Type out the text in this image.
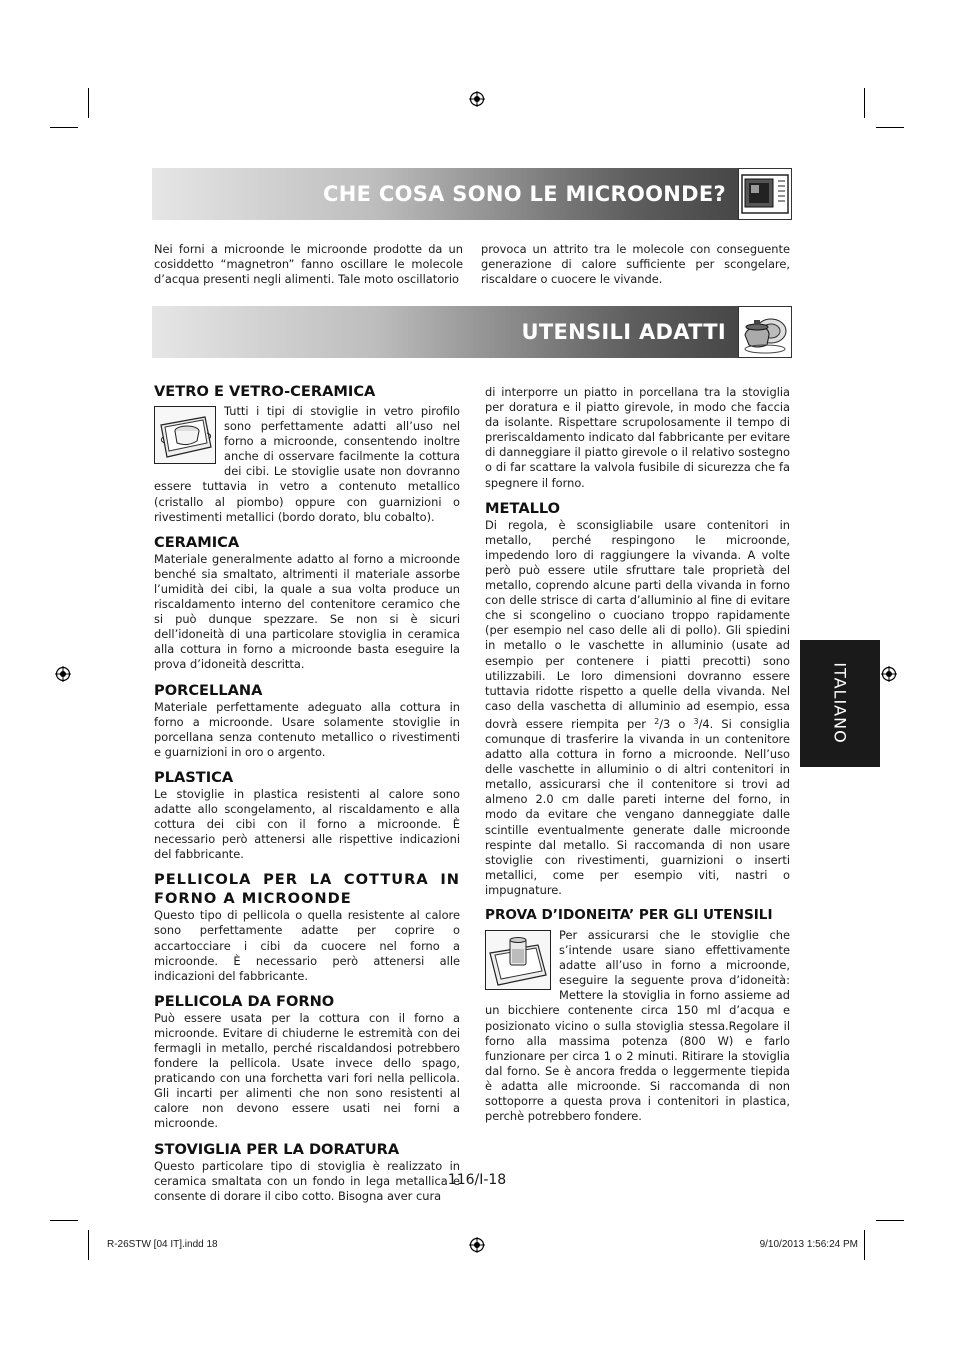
CHE COSA SONO LE MICROONDE?

Nei forni a microonde le microonde prodotte da un cosiddetto “magnetron” fanno oscillare le molecole d’acqua presenti negli alimenti. Tale moto oscillatorio

provoca un attrito tra le molecole con conseguente generazione di calore sufficiente per scongelare, riscaldare o cuocere le vivande.

UTENSILI ADATTI
VETRO E VETRO-CERAMICA

Tutti i tipi di stoviglie in vetro pirofilo sono perfettamente adatti all’uso nel forno a microonde, consentendo inoltre anche di osservare facilmente la cottura dei cibi. Le stoviglie usate non dovranno essere tuttavia in vetro a contenuto metallico (cristallo al piombo) oppure con guarnizioni o rivestimenti metallici (bordo dorato, blu cobalto).

CERAMICA

Materiale generalmente adatto al forno a microonde benché sia smaltato, altrimenti il materiale assorbe l’umidità dei cibi, la quale a sua volta produce un riscaldamento interno del contenitore ceramico che si può dunque spezzare. Se non si è sicuri dell’idoneità di una particolare stoviglia in ceramica alla cottura in forno a microonde basta eseguire la prova d’idoneità descritta.

PORCELLANA

Materiale perfettamente adeguato alla cottura in forno a microonde. Usare solamente stoviglie in porcellana senza contenuto metallico o rivestimenti e guarnizioni in oro o argento.

PLASTICA

Le stoviglie in plastica resistenti al calore sono adatte allo scongelamento, al riscaldamento e alla cottura dei cibi con il forno a microonde. È necessario però attenersi alle rispettive indicazioni del fabbricante.

PELLICOLA PER LA COTTURA IN FORNO A MICROONDE

Questo tipo di pellicola o quella resistente al calore sono perfettamente adatte per coprire o accartocciare i cibi da cuocere nel forno a microonde. È necessario però attenersi alle indicazioni del fabbricante.

PELLICOLA DA FORNO

Può essere usata per la cottura con il forno a microonde. Evitare di chiuderne le estremità con dei fermagli in metallo, perché riscaldandosi potrebbero fondere la pellicola. Usate invece dello spago, praticando con una forchetta vari fori nella pellicola. Gli incarti per alimenti che non sono resistenti al calore non devono essere usati nei forni a microonde.

STOVIGLIA PER LA DORATURA

Questo particolare tipo di stoviglia è realizzato in ceramica smaltata con un fondo in lega metallica e consente di dorare il cibo cotto. Bisogna aver cura

di interporre un piatto in porcellana tra la stoviglia per doratura e il piatto girevole, in modo che faccia da isolante. Rispettare scrupolosamente il tempo di preriscaldamento indicato dal fabbricante per evitare di danneggiare il piatto girevole o il relativo sostegno o di far scattare la valvola fusibile di sicurezza che fa spegnere il forno.

METALLO

Di regola, è sconsigliabile usare contenitori in metallo, perché respingono le microonde, impedendo loro di raggiungere la vivanda. A volte però può essere utile sfruttare tale proprietà del metallo, coprendo alcune parti della vivanda in forno con delle strisce di carta d’alluminio al fine di evitare che si scongelino o cuociano troppo rapidamente (per esempio nel caso delle ali di pollo). Gli spiedini in metallo o le vaschette in alluminio (usate ad esempio per contenere i piatti precotti) sono utilizzabili. Le loro dimensioni dovranno essere tuttavia ridotte rispetto a quelle della vivanda. Nel caso della vaschetta di alluminio ad esempio, essa dovrà essere riempita per $^2$/3 o $^3$/4. Si consiglia comunque di trasferire la vivanda in un contenitore adatto alla cottura in forno a microonde. Nell’uso delle vaschette in alluminio o di altri contenitori in metallo, assicurarsi che il contenitore si trovi ad almeno 2.0 cm dalle pareti interne del forno, in modo da evitare che vengano danneggiate dalle scintille eventualmente generate dalle microonde respinte dal metallo. Si raccomanda di non usare stoviglie con rivestimenti, guarnizioni o inserti metallici, come per esempio viti, nastri o impugnature.

PROVA D’IDONEITA’ PER GLI UTENSILI

Per assicurarsi che le stoviglie che s’intende usare siano effettivamente adatte all’uso in forno a microonde, eseguire la seguente prova d’idoneità: Mettere la stoviglia in forno assieme ad un bicchiere contenente circa 150 ml d’acqua e posizionato vicino o sulla stoviglia stessa.Regolare il forno alla massima potenza (800 W) e farlo funzionare per circa 1 o 2 minuti. Ritirare la stoviglia dal forno. Se è ancora fredda o leggermente tiepida è adatta alle microonde. Si raccomanda di non sottoporre a questa prova i contenitori in plastica, perchè potrebbero fondere.

ITALIANO
116/I-18
R-26STW [04 IT].indd 18	9/10/2013 1:56:24 PM
